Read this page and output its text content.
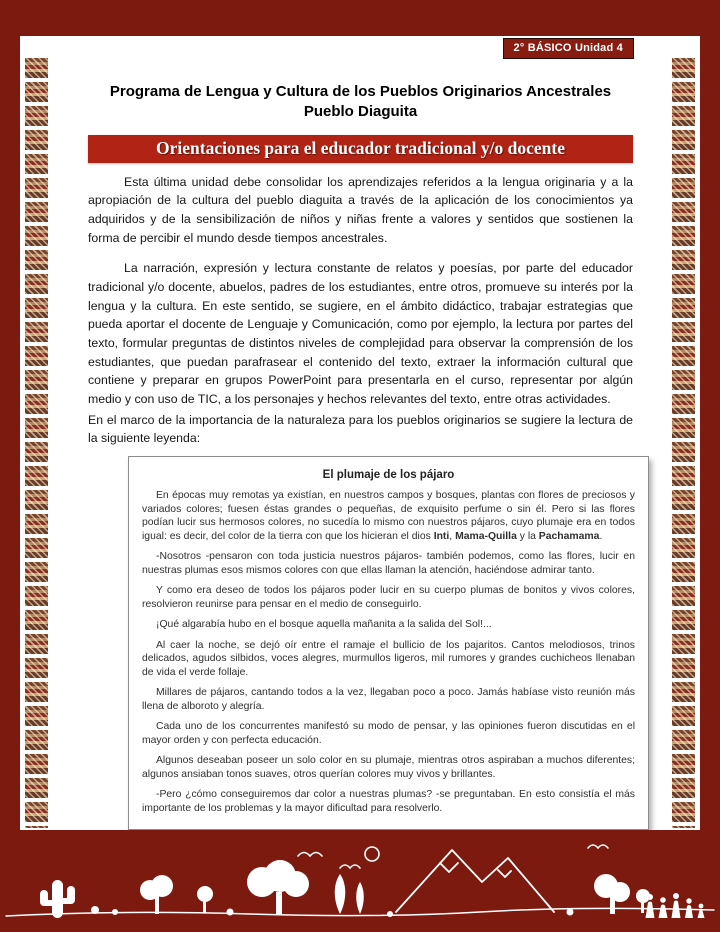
Programa de Lengua y Cultura de los Pueblos Originarios Ancestrales
Pueblo Diaguita
Orientaciones para el educador tradicional y/o docente

Esta última unidad debe consolidar los aprendizajes referidos a la lengua originaria y a la apropiación de la cultura del pueblo diaguita a través de la aplicación de los conocimientos ya adquiridos y de la sensibilización de niños y niñas frente a valores y sentidos que sostienen la forma de percibir el mundo desde tiempos ancestrales.

La narración, expresión y lectura constante de relatos y poesías, por parte del educador tradicional y/o docente, abuelos, padres de los estudiantes, entre otros, promueve su interés por la lengua y la cultura. En este sentido, se sugiere, en el ámbito didáctico, trabajar estrategias que pueda aportar el docente de Lenguaje y Comunicación, como por ejemplo, la lectura por partes del texto, formular preguntas de distintos niveles de complejidad para observar la comprensión de los estudiantes, que puedan parafrasear el contenido del texto, extraer la información cultural que contiene y preparar en grupos PowerPoint para presentarla en el curso, representar por algún medio y con uso de TIC, a los personajes y hechos relevantes del texto, entre otras actividades.

En el marco de la importancia de la naturaleza para los pueblos originarios se sugiere la lectura de la siguiente leyenda:

El plumaje de los pájaro

En épocas muy remotas ya existían, en nuestros campos y bosques, plantas con flores de preciosos y variados colores; fuesen éstas grandes o pequeñas, de exquisito perfume o sin él. Pero si las flores podían lucir sus hermosos colores, no sucedía lo mismo con nuestros pájaros, cuyo plumaje era en todos igual: es decir, del color de la tierra con que los hicieran el dios Inti, Mama-Quilla y la Pachamama.

-Nosotros -pensaron con toda justicia nuestros pájaros- también podemos, como las flores, lucir en nuestras plumas esos mismos colores con que ellas llaman la atención, haciéndose admirar tanto.

Y como era deseo de todos los pájaros poder lucir en su cuerpo plumas de bonitos y vivos colores, resolvieron reunirse para pensar en el medio de conseguirlo.

¡Qué algarabía hubo en el bosque aquella mañanita a la salida del Sol!...

Al caer la noche, se dejó oír entre el ramaje el bullicio de los pajaritos. Cantos melodiosos, trinos delicados, agudos silbidos, voces alegres, murmullos ligeros, mil rumores y grandes cuchicheos llenaban de vida el verde follaje.

Millares de pájaros, cantando todos a la vez, llegaban poco a poco. Jamás habíase visto reunión más llena de alboroto y alegría.

Cada uno de los concurrentes manifestó su modo de pensar, y las opiniones fueron discutidas en el mayor orden y con perfecta educación.

Algunos deseaban poseer un solo color en su plumaje, mientras otros aspiraban a muchos diferentes; algunos ansiaban tonos suaves, otros querían colores muy vivos y brillantes.

-Pero ¿cómo conseguiremos dar color a nuestras plumas? -se preguntaban. En esto consistía el más importante de los problemas y la mayor dificultad para resolverlo.

2° BÁSICO Unidad 4
